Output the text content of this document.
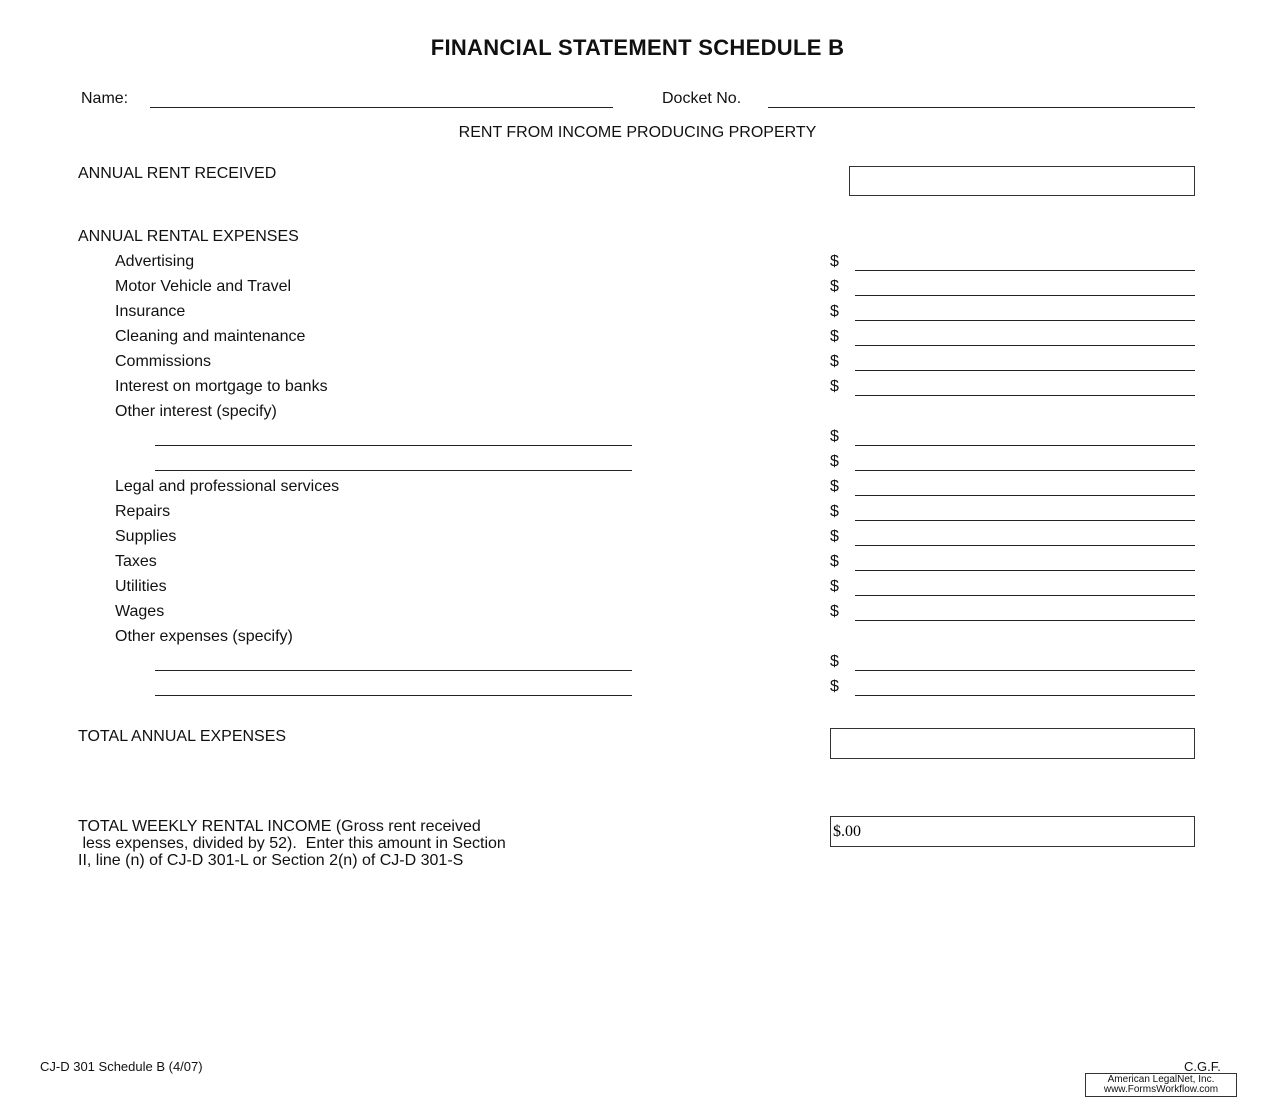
FINANCIAL STATEMENT SCHEDULE B
Name:	Docket No.
RENT FROM INCOME PRODUCING PROPERTY
ANNUAL RENT RECEIVED
ANNUAL RENTAL EXPENSES
Advertising	$
Motor Vehicle and Travel	$
Insurance	$
Cleaning and maintenance	$
Commissions	$
Interest on mortgage to banks	$
Other interest (specify)
$
$
Legal and professional services	$
Repairs	$
Supplies	$
Taxes	$
Utilities	$
Wages	$
Other expenses (specify)
$
$
TOTAL ANNUAL EXPENSES
TOTAL WEEKLY RENTAL INCOME (Gross rent received
less expenses, divided by 52).  Enter this amount in Section
II, line (n) of CJ-D 301-L or Section 2(n) of CJ-D 301-S
$.00
CJ-D 301 Schedule B (4/07)	C.G.F.
American LegalNet, Inc.
www.FormsWorkflow.com
